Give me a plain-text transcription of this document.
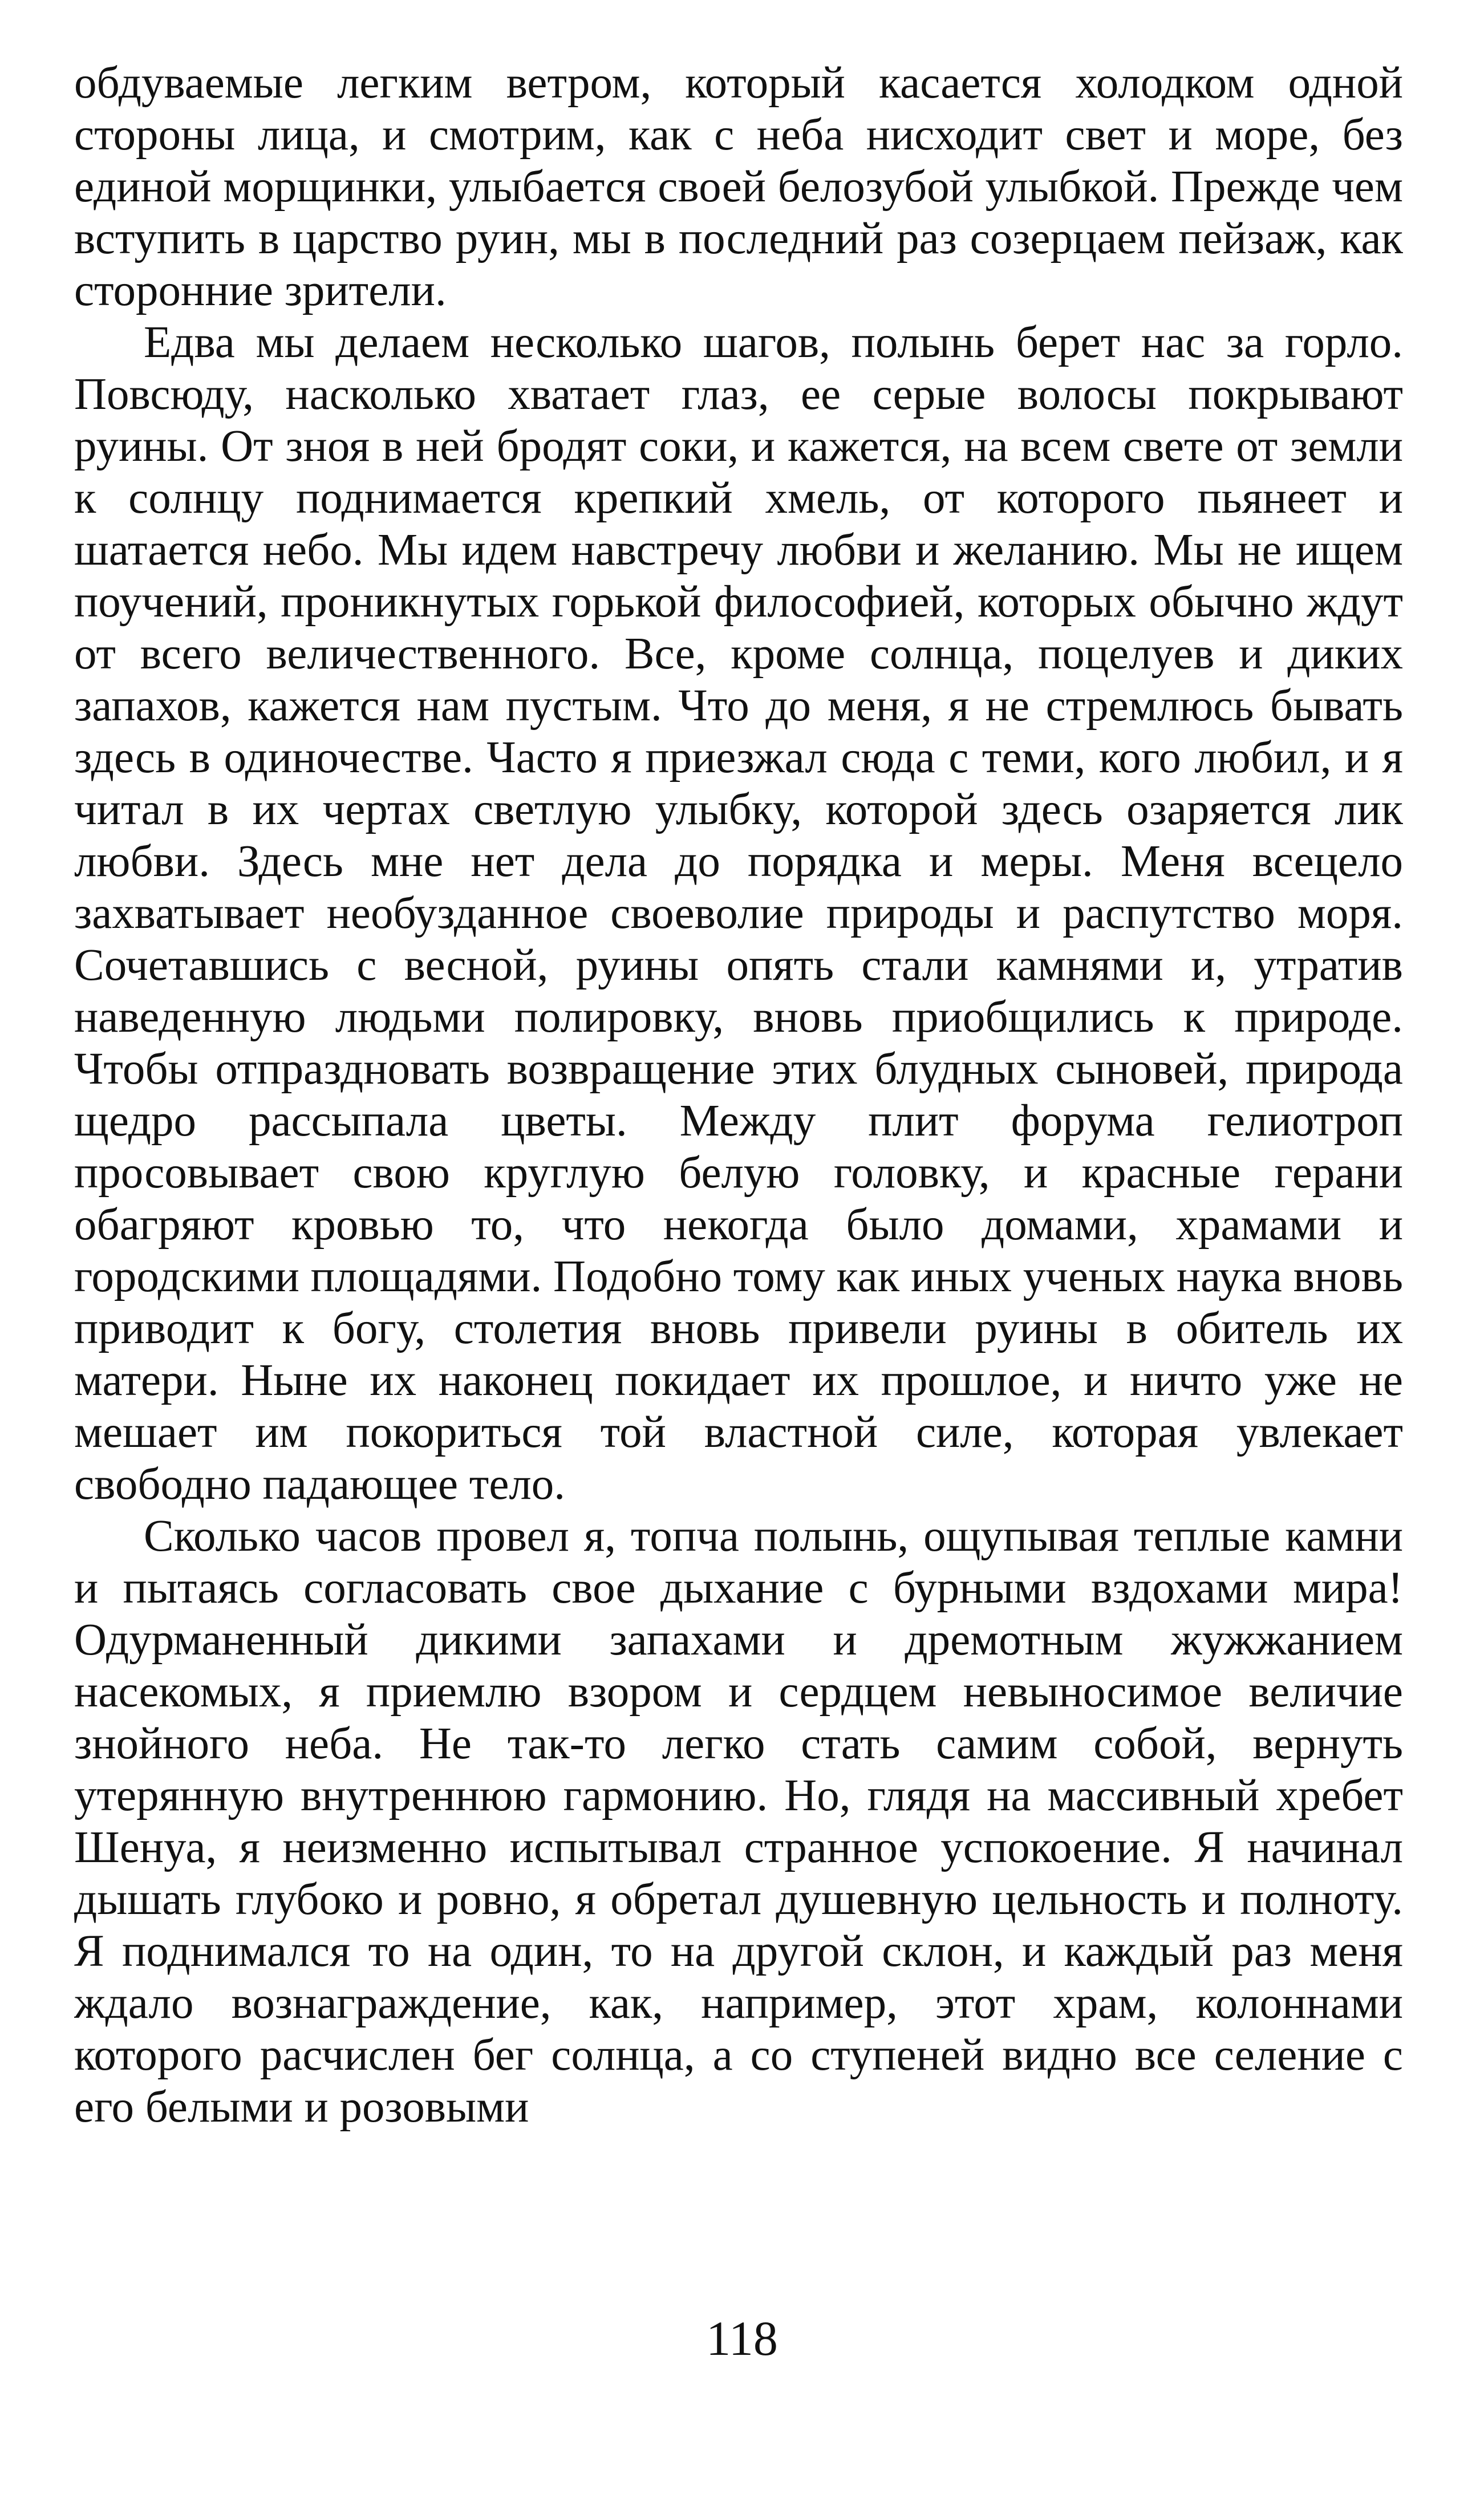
обдуваемые легким ветром, который касается холодком одной стороны лица, и смотрим, как с неба нисходит свет и море, без единой морщинки, улыбается своей белозубой улыбкой. Прежде чем вступить в царство руин, мы в последний раз созерцаем пейзаж, как сторонние зрители.

Едва мы делаем несколько шагов, полынь берет нас за горло. Повсюду, насколько хватает глаз, ее серые волосы покрывают руины. От зноя в ней бродят соки, и кажется, на всем свете от земли к солнцу поднимается крепкий хмель, от которого пьянеет и шатается небо. Мы идем навстречу любви и желанию. Мы не ищем поучений, проникнутых горькой философией, которых обычно ждут от всего величественного. Все, кроме солнца, поцелуев и диких запахов, кажется нам пустым. Что до меня, я не стремлюсь бывать здесь в одиночестве. Часто я приезжал сюда с теми, кого любил, и я читал в их чертах светлую улыбку, которой здесь озаряется лик любви. Здесь мне нет дела до порядка и меры. Меня всецело захватывает необузданное своеволие природы и распутство моря. Сочетавшись с весной, руины опять стали камнями и, утратив наведенную людьми полировку, вновь приобщились к природе. Чтобы отпраздновать возвращение этих блудных сыновей, природа щедро рассыпала цветы. Между плит форума гелиотроп просовывает свою круглую белую головку, и красные герани обагряют кровью то, что некогда было домами, храмами и городскими площадями. Подобно тому как иных ученых наука вновь приводит к богу, столетия вновь привели руины в обитель их матери. Ныне их наконец покидает их прошлое, и ничто уже не мешает им покориться той властной силе, которая увлекает свободно падающее тело.

Сколько часов провел я, топча полынь, ощупывая теплые камни и пытаясь согласовать свое дыхание с бурными вздохами мира! Одурманенный дикими запахами и дремотным жужжанием насекомых, я приемлю взором и сердцем невыносимое величие знойного неба. Не так-то легко стать самим собой, вернуть утерянную внутреннюю гармонию. Но, глядя на массивный хребет Шенуа, я неизменно испытывал странное успокоение. Я начинал дышать глубоко и ровно, я обретал душевную цельность и полноту. Я поднимался то на один, то на другой склон, и каждый раз меня ждало вознаграждение, как, например, этот храм, колоннами которого расчислен бег солнца, а со ступеней видно все селение с его белыми и розовыми

118
